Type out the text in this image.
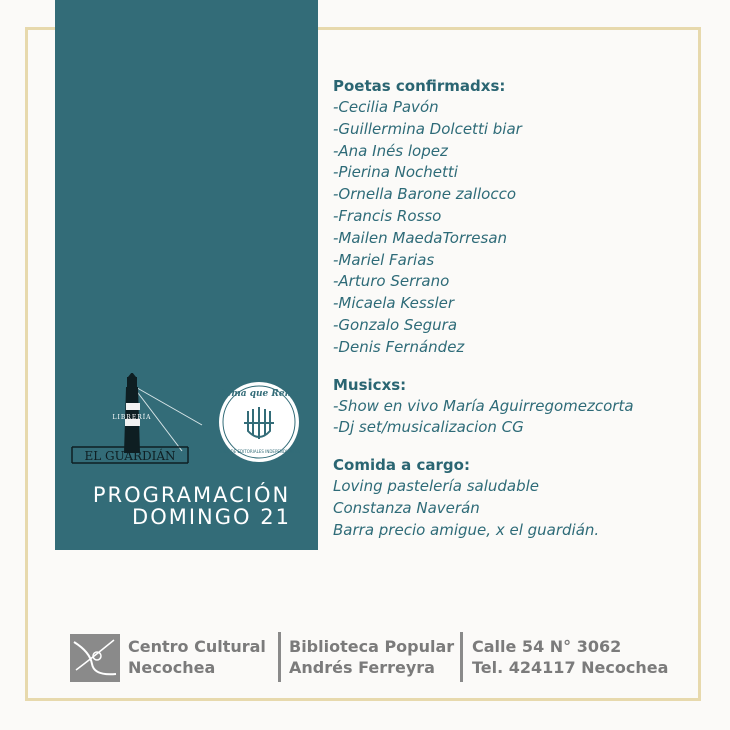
LIBRERÍA
EL GUARDIÁN
Rema que Rema
FERIA DE EDITORIALES INDEPENDIENTES
PROGRAMACIÓN
DOMINGO 21
Poetas confirmadxs:
-Cecilia Pavón
-Guillermina Dolcetti biar
-Ana Inés lopez
-Pierina Nochetti
-Ornella Barone zallocco
-Francis Rosso
-Mailen MaedaTorresan
-Mariel Farias
-Arturo Serrano
-Micaela Kessler
-Gonzalo Segura
-Denis Fernández
Musicxs:
-Show en vivo María Aguirregomezcorta
-Dj set/musicalizacion CG
Comida a cargo:
Loving pastelería saludable
Constanza Naverán
Barra precio amigue, x el guardián.
Centro Cultural
Necochea
Biblioteca Popular
Andrés Ferreyra
Calle 54 N° 3062
Tel. 424117 Necochea
